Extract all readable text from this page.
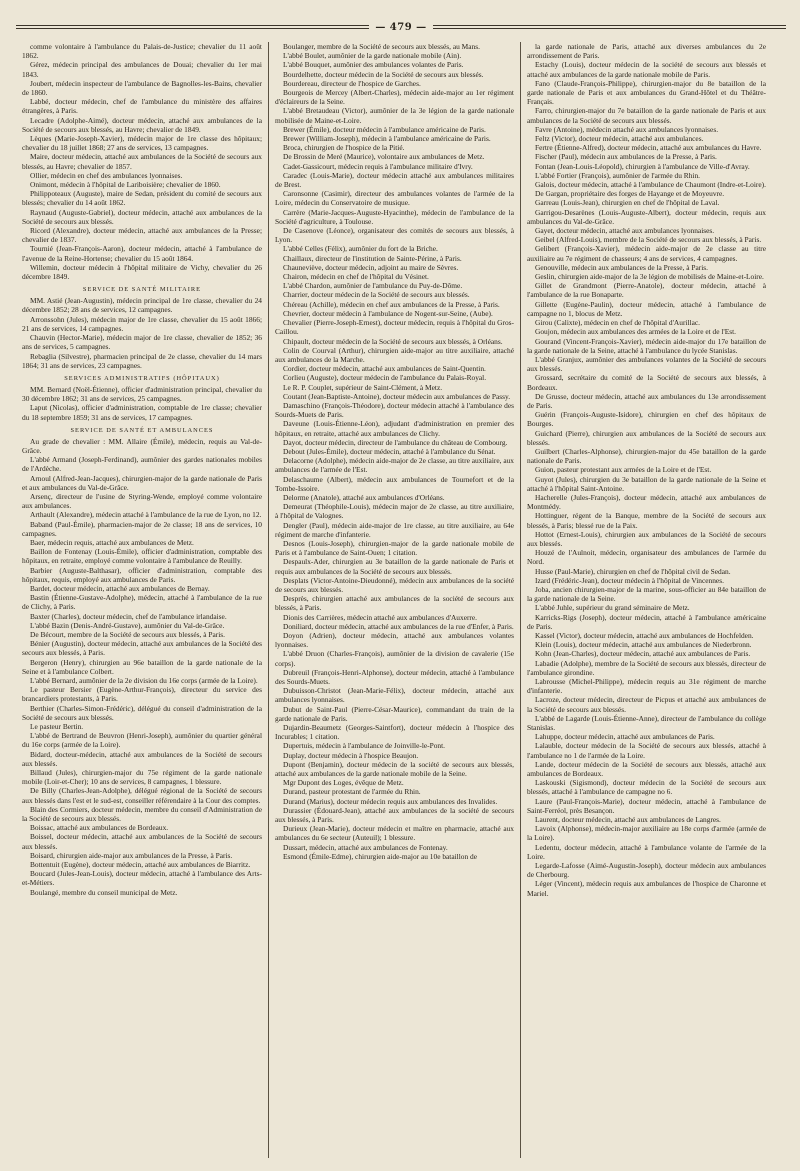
— 479 —

comme volontaire à l'ambulance du Palais-de-Justice; chevalier du 11 août 1862.

Gérez, médecin principal des ambulances de Douai; chevalier du 1er mai 1843.

Joubert, médecin inspecteur de l'ambulance de Bagnolles-les-Bains, chevalier de 1860.

Labbé, docteur médecin, chef de l'ambulance du ministère des affaires étrangères, à Paris.

Lecadre (Adolphe-Aimé), docteur médecin, attaché aux ambulances de la Société de secours aux blessés, au Havre; chevalier de 1849.

Lèques (Marie-Joseph-Xavier), médecin major de 1re classe des hôpitaux; chevalier du 18 juillet 1868; 27 ans de services, 13 campagnes.

Maire, docteur médecin, attaché aux ambulances de la Société de secours aux blessés, au Havre; chevalier de 1857.

Ollier, médecin en chef des ambulances lyonnaises.

Onimont, médecin à l'hôpital de Lariboisière; chevalier de 1860.

Philippoteaux (Auguste), maire de Sedan, président du comité de secours aux blessés; chevalier du 14 août 1862.

Raynaud (Auguste-Gabriel), docteur médecin, attaché aux ambulances de la Société de secours aux blessés.

Ricord (Alexandre), docteur médecin, attaché aux ambulances de la Presse; chevalier de 1837.

Tournié (Jean-François-Aaron), docteur médecin, attaché à l'ambulance de l'avenue de la Reine-Hortense; chevalier du 15 août 1864.

Willemin, docteur médecin à l'hôpital militaire de Vichy, chevalier du 26 décembre 1849.

SERVICE DE SANTÉ MILITAIRE

MM. Astié (Jean-Augustin), médecin principal de 1re classe, chevalier du 24 décembre 1852; 28 ans de services, 12 campagnes.

Arronssohn (Jules), médecin major de 1re classe, chevalier du 15 août 1866; 21 ans de services, 14 campagnes.

Chauvin (Hector-Marie), médecin major de 1re classe, chevalier de 1852; 36 ans de services, 5 campagnes.

Rebaglia (Silvestre), pharmacien principal de 2e classe, chevalier du 14 mars 1864; 31 ans de services, 23 campagnes.

SERVICES ADMINISTRATIFS (HÔPITAUX)

MM. Bernard (Noël-Étienne), officier d'administration principal, chevalier du 30 décembre 1862; 31 ans de services, 25 campagnes.

Laput (Nicolas), officier d'administration, comptable de 1re classe; chevalier du 18 septembre 1859; 31 ans de services, 17 campagnes.

SERVICE DE SANTÉ ET AMBULANCES

Au grade de chevalier : MM. Allaire (Émile), médecin, requis au Val-de-Grâce.

L'abbé Armand (Joseph-Ferdinand), aumônier des gardes nationales mobiles de l'Ardèche.

Arnoul (Alfred-Jean-Jacques), chirurgien-major de la garde nationale de Paris et aux ambulances du Val-de-Grâce.

Arsenç, directeur de l'usine de Styring-Wende, employé comme volontaire aux ambulances.

Arthault (Alexandre), médecin attaché à l'ambulance de la rue de Lyon, no 12.

Baband (Paul-Émile), pharmacien-major de 2e classe; 18 ans de services, 10 campagnes.

Baer, médecin requis, attaché aux ambulances de Metz.

Baillon de Fontenay (Louis-Émile), officier d'administration, comptable des hôpitaux, en retraite, employé comme volontaire à l'ambulance de Reuilly.

Barbier (Auguste-Balthasar), officier d'administration, comptable des hôpitaux, requis, employé aux ambulances de Paris.

Bardet, docteur médecin, attaché aux ambulances de Bernay.

Bastin (Étienne-Gustave-Adolphe), médecin, attaché à l'ambulance de la rue de Clichy, à Paris.

Baxter (Charles), docteur médecin, chef de l'ambulance irlandaise.

L'abbé Bazin (Denis-André-Gustave), aumônier du Val-de-Grâce.

De Bécourt, membre de la Société de secours aux blessés, à Paris.

Bénier (Augustin), docteur médecin, attaché aux ambulances de la Société des secours aux blessés, à Paris.

Bergeron (Henry), chirurgien au 96e bataillon de la garde nationale de la Seine et à l'ambulance Colbert.

L'abbé Bernard, aumônier de la 2e division du 16e corps (armée de la Loire).

Le pasteur Bersier (Eugène-Arthur-François), directeur du service des brancardiers protestants, à Paris.

Berthier (Charles-Simon-Frédéric), délégué du conseil d'administration de la Société de secours aux blessés.

Le pasteur Bertin.

L'abbé de Bertrand de Beuvron (Henri-Joseph), aumônier du quartier général du 16e corps (armée de la Loire).

Bidard, docteur-médecin, attaché aux ambulances de la Société de secours aux blessés.

Billaud (Jules), chirurgien-major du 75e régiment de la garde nationale mobile (Loir-et-Cher); 10 ans de services, 8 campagnes, 1 blessure.

De Billy (Charles-Jean-Adolphe), délégué régional de la Société de secours aux blessés dans l'est et le sud-est, conseiller référendaire à la Cour des comptes.

Blain des Cormiers, docteur médecin, membre du conseil d'Administration de la Société de secours aux blessés.

Boissac, attaché aux ambulances de Bordeaux.

Boissel, docteur médecin, attaché aux ambulances de la Société de secours aux blessés.

Boisard, chirurgien aide-major aux ambulances de la Presse, à Paris.

Bottentuit (Eugène), docteur médecin, attaché aux ambulances de Biarritz.

Boucard (Jules-Jean-Louis), docteur médecin, attaché à l'ambulance des Arts-et-Métiers.

Boulangé, membre du conseil municipal de Metz.

Boulanger, membre de la Société de secours aux blessés, au Mans.

L'abbé Boulet, aumônier de la garde nationale mobile (Ain).

L'abbé Bouquet, aumônier des ambulances volantes de Paris.

Bourdelhette, docteur médecin de la Société de secours aux blessés.

Bourdereau, directeur de l'hospice de Garches.

Bourgeois de Mercey (Albert-Charles), médecin aide-major au 1er régiment d'éclaireurs de la Seine.

L'abbé Bretaudeau (Victor), aumônier de la 3e légion de la garde nationale mobilisée de Maine-et-Loire.

Brewer (Émile), docteur médecin à l'ambulance américaine de Paris.

Brewer (William-Joseph), médecin à l'ambulance américaine de Paris.

Broca, chirurgien de l'hospice de la Pitié.

De Brossin de Meré (Maurice), volontaire aux ambulances de Metz.

Cadet-Gassicourt, médecin requis à l'ambulance militaire d'Ivry.

Caradec (Louis-Marie), docteur médecin attaché aux ambulances militaires de Brest.

Caronsonne (Casimir), directeur des ambulances volantes de l'armée de la Loire, médecin du Conservatoire de musique.

Carrère (Marie-Jacques-Auguste-Hyacinthe), médecin de l'ambulance de la Société d'agriculture, à Toulouse.

De Casenove (Léonce), organisateur des comités de secours aux blessés, à Lyon.

L'abbé Celles (Félix), aumônier du fort de la Briche.

Chaillaux, directeur de l'institution de Sainte-Périne, à Paris.

Chauneviève, docteur médecin, adjoint au maire de Sèvres.

Chairon, médecin en chef de l'hôpital du Vésinet.

L'abbé Chardon, aumônier de l'ambulance du Puy-de-Dôme.

Charrier, docteur médecin de la Société de secours aux blessés.

Chéreau (Achille), médecin en chef aux ambulances de la Presse, à Paris.

Chevrier, docteur médecin à l'ambulance de Nogent-sur-Seine, (Aube).

Chevalier (Pierre-Joseph-Ernest), docteur médecin, requis à l'hôpital du Gros-Caillou.

Chipault, docteur médecin de la Société de secours aux blessés, à Orléans.

Colin de Courval (Arthur), chirurgien aide-major au titre auxiliaire, attaché aux ambulances de la Marche.

Cordier, docteur médecin, attaché aux ambulances de Saint-Quentin.

Corlieu (Auguste), docteur médecin de l'ambulance du Palais-Royal.

Le R. P. Couplet, supérieur de Saint-Clément, à Metz.

Coutant (Jean-Baptiste-Antoine), docteur médecin aux ambulances de Passy.

Damaschino (François-Théodore), docteur médecin attaché à l'ambulance des Sourds-Muets de Paris.

Daveune (Louis-Étienne-Léon), adjudant d'administration en premier des hôpitaux, en retraite, attaché aux ambulances de Clichy.

Dayot, docteur médecin, directeur de l'ambulance du château de Combourg.

Debout (Jules-Émile), docteur médecin, attaché à l'ambulance du Sénat.

Delacorne (Adolphe), médecin aide-major de 2e classe, au titre auxiliaire, aux ambulances de l'armée de l'Est.

Delaschaume (Albert), médecin aux ambulances de Tournefort et de la Tombe-Issoire.

Delorme (Anatole), attaché aux ambulances d'Orléans.

Demeurat (Théophile-Louis), médecin major de 2e classe, au titre auxiliaire, à l'hôpital de Valognes.

Dengler (Paul), médecin aide-major de 1re classe, au titre auxiliaire, au 64e régiment de marche d'infanterie.

Desnos (Louis-Joseph), chirurgien-major de la garde nationale mobile de Paris et à l'ambulance de Saint-Ouen; 1 citation.

Despaulx-Ader, chirurgien au 3e bataillon de la garde nationale de Paris et requis aux ambulances de la Société de secours aux blessés.

Desplats (Victor-Antoine-Dieudonné), médecin aux ambulances de la société de secours aux blessés.

Desprès, chirurgien attaché aux ambulances de la société de secours aux blessés, à Paris.

Dionis des Carrières, médecin attaché aux ambulances d'Auxerre.

Doniliard, docteur médecin, attaché aux ambulances de la rue d'Enfer, à Paris.

Doyon (Adrien), docteur médecin, attaché aux ambulances volantes lyonnaises.

L'abbé Druon (Charles-François), aumônier de la division de cavalerie (15e corps).

Dubreuil (François-Henri-Alphonse), docteur médecin, attaché à l'ambulance des Sourds-Muets.

Dubuisson-Christot (Jean-Marie-Félix), docteur médecin, attaché aux ambulances lyonnaises.

Dubut de Saint-Paul (Pierre-César-Maurice), commandant du train de la garde nationale de Paris.

Dujardin-Beaumetz (Georges-Saintfort), docteur médecin à l'hospice des Incurables; 1 citation.

Dupertuis, médecin à l'ambulance de Joinville-le-Pont.

Duplay, docteur médecin à l'hospice Beaujon.

Dupont (Benjamin), docteur médecin de la société de secours aux blessés, attaché aux ambulances de la garde nationale mobile de la Seine.

Mgr Dupont des Loges, évêque de Metz.

Durand, pasteur protestant de l'armée du Rhin.

Durand (Marius), docteur médecin requis aux ambulances des Invalides.

Durassier (Édouard-Jean), attaché aux ambulances de la société de secours aux blessés, à Paris.

Durieux (Jean-Marie), docteur médecin et maître en pharmacie, attaché aux ambulances du 6e secteur (Auteuil); 1 blessure.

Dussart, médecin, attaché aux ambulances de Fontenay.

Esmond (Émile-Edme), chirurgien aide-major au 10e bataillon de

la garde nationale de Paris, attaché aux diverses ambulances du 2e arrondissement de Paris.

Estachy (Louis), docteur médecin de la société de secours aux blessés et attaché aux ambulances de la garde nationale mobile de Paris.

Fano (Claude-François-Philippe), chirurgien-major du 8e bataillon de la garde nationale de Paris et aux ambulances du Grand-Hôtel et du Théâtre-Français.

Farro, chirurgien-major du 7e bataillon de la garde nationale de Paris et aux ambulances de la Société de secours aux blessés.

Favre (Antoine), médecin attaché aux ambulances lyonnaises.

Feltz (Victor), docteur médecin, attaché aux ambulances.

Fertre (Étienne-Alfred), docteur médecin, attaché aux ambulances du Havre.

Fischer (Paul), médecin aux ambulances de la Presse, à Paris.

Fontan (Jean-Louis-Léopold), chirurgien à l'ambulance de Ville-d'Avray.

L'abbé Fortier (François), aumônier de l'armée du Rhin.

Galois, docteur médecin, attaché à l'ambulance de Chaumont (Indre-et-Loire).

De Gargan, propriétaire des forges de Hayange et de Moyeuvre.

Garreau (Louis-Jean), chirurgien en chef de l'hôpital de Laval.

Garrigou-Desarènes (Louis-Auguste-Albert), docteur médecin, requis aux ambulances du Val-de-Grâce.

Gayet, docteur médecin, attaché aux ambulances lyonnaises.

Geibel (Alfred-Louis), membre de la Société de secours aux blessés, à Paris.

Gelibert (François-Xavier), médecin aide-major de 2e classe au titre auxiliaire au 7e régiment de chasseurs; 4 ans de services, 4 campagnes.

Genouville, médecin aux ambulances de la Presse, à Paris.

Geslin, chirurgien aide-major de la 3e légion de mobilisés de Maine-et-Loire.

Gillet de Grandmont (Pierre-Anatole), docteur médecin, attaché à l'ambulance de la rue Bonaparte.

Gillette (Eugène-Paulin), docteur médecin, attaché à l'ambulance de campagne no 1, blocus de Metz.

Girou (Calixte), médecin en chef de l'hôpital d'Aurillac.

Goujon, médecin aux ambulances des armées de la Loire et de l'Est.

Gourand (Vincent-François-Xavier), médecin aide-major du 17e bataillon de la garde nationale de la Seine, attaché à l'ambulance du lycée Stanislas.

L'abbé Granjux, aumônier des ambulances volantes de la Société de secours aux blessés.

Grossard, secrétaire du comité de la Société de secours aux blessés, à Bordeaux.

De Grusse, docteur médecin, attaché aux ambulances du 13e arrondissement de Paris.

Guérin (François-Auguste-Isidore), chirurgien en chef des hôpitaux de Bourges.

Guichard (Pierre), chirurgien aux ambulances de la Société de secours aux blessés.

Guilbert (Charles-Alphonse), chirurgien-major du 45e bataillon de la garde nationale de Paris.

Guion, pasteur protestant aux armées de la Loire et de l'Est.

Guyot (Jules), chirurgien du 3e bataillon de la garde nationale de la Seine et attaché à l'hôpital Saint-Antoine.

Hacherelle (Jules-François), docteur médecin, attaché aux ambulances de Montmédy.

Hottinguer, régent de la Banque, membre de la Société de secours aux blessés, à Paris; blessé rue de la Paix.

Hottot (Ernest-Louis), chirurgien aux ambulances de la Société de secours aux blessés.

Houzé de l'Aulnoit, médecin, organisateur des ambulances de l'armée du Nord.

Husse (Paul-Marie), chirurgien en chef de l'hôpital civil de Sedan.

Izard (Frédéric-Jean), docteur médecin à l'hôpital de Vincennes.

Joba, ancien chirurgien-major de la marine, sous-officier au 84e bataillon de la garde nationale de la Seine.

L'abbé Juhle, supérieur du grand séminaire de Metz.

Karricks-Rigs (Joseph), docteur médecin, attaché à l'ambulance américaine de Paris.

Kassel (Victor), docteur médecin, attaché aux ambulances de Hochfelden.

Klein (Louis), docteur médecin, attaché aux ambulances de Niederbronn.

Kohn (Jean-Charles), docteur médecin, attaché aux ambulances de Paris.

Labadie (Adolphe), membre de la Société de secours aux blessés, directeur de l'ambulance girondine.

Labrousse (Michel-Philippe), médecin requis au 31e régiment de marche d'infanterie.

Lacroze, docteur médecin, directeur de Picpus et attaché aux ambulances de la Société de secours aux blessés.

L'abbé de Lagarde (Louis-Étienne-Anne), directeur de l'ambulance du collège Stanislas.

Lahuppe, docteur médecin, attaché aux ambulances de Paris.

Lalauble, docteur médecin de la Société de secours aux blessés, attaché à l'ambulance no 1 de l'armée de la Loire.

Lande, docteur médecin de la Société de secours aux blessés, attaché aux ambulances de Bordeaux.

Laskouski (Sigismond), docteur médecin de la Société de secours aux blessés, attaché à l'ambulance de campagne no 6.

Laure (Paul-François-Marie), docteur médecin, attaché à l'ambulance de Saint-Ferréol, près Besançon.

Laurent, docteur médecin, attaché aux ambulances de Langres.

Lavoix (Alphonse), médecin-major auxiliaire au 18e corps d'armée (armée de la Loire).

Ledentu, docteur médecin, attaché à l'ambulance volante de l'armée de la Loire.

Legarde-Lafosse (Aimé-Augustin-Joseph), docteur médecin aux ambulances de Cherbourg.

Léger (Vincent), médecin requis aux ambulances de l'hospice de Charonne et Mariel.
